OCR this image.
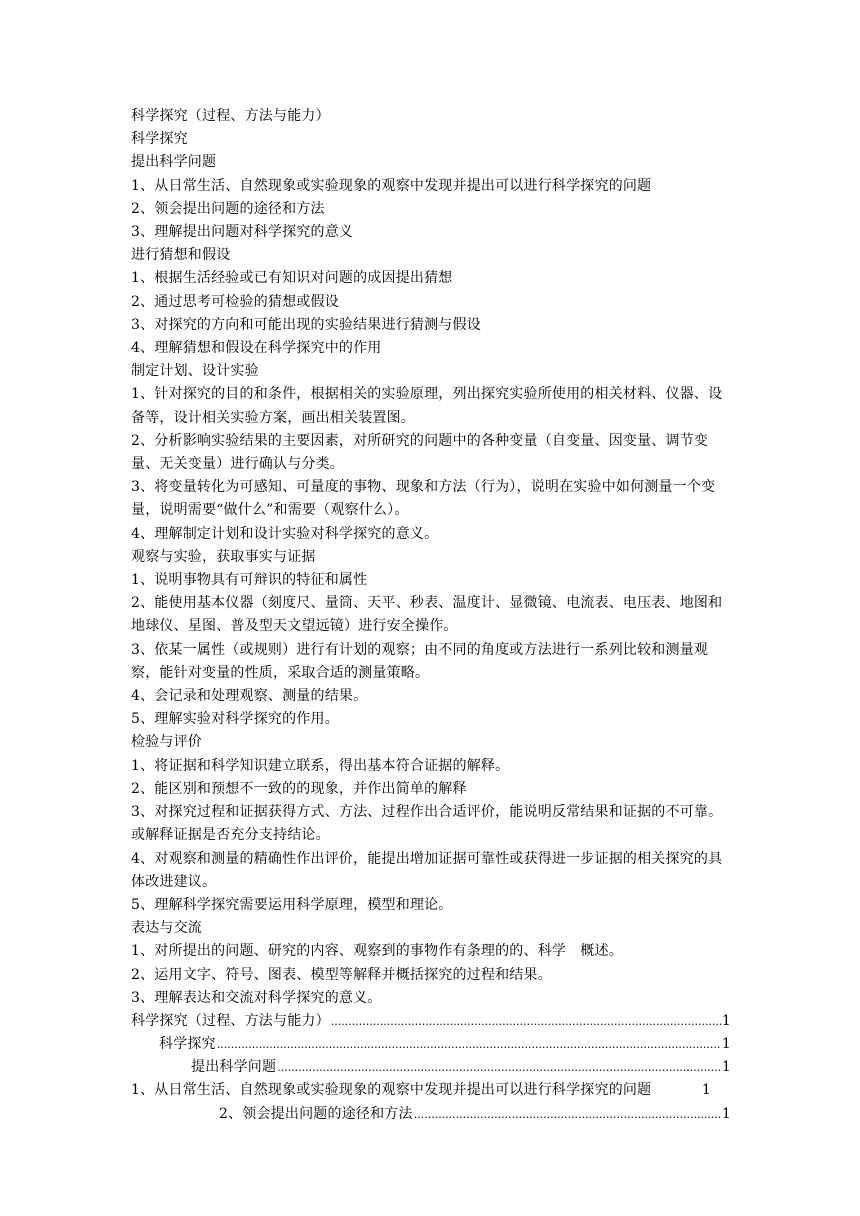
科学探究（过程、方法与能力）

科学探究

提出科学问题

1、从日常生活、自然现象或实验现象的观察中发现并提出可以进行科学探究的问题

2、领会提出问题的途径和方法

3、理解提出问题对科学探究的意义

进行猜想和假设

1、根据生活经验或已有知识对问题的成因提出猜想

2、通过思考可检验的猜想或假设

3、对探究的方向和可能出现的实验结果进行猜测与假设

4、理解猜想和假设在科学探究中的作用

制定计划、设计实验

1、针对探究的目的和条件，根据相关的实验原理，列出探究实验所使用的相关材料、仪器、设备等，设计相关实验方案，画出相关装置图。

2、分析影响实验结果的主要因素，对所研究的问题中的各种变量（自变量、因变量、调节变量、无关变量）进行确认与分类。

3、将变量转化为可感知、可量度的事物、现象和方法（行为），说明在实验中如何测量一个变量，说明需要“做什么”和需要（观察什么）。

4、理解制定计划和设计实验对科学探究的意义。

观察与实验，获取事实与证据

1、说明事物具有可辩识的特征和属性

2、能使用基本仪器（刻度尺、量筒、天平、秒表、温度计、显微镜、电流表、电压表、地图和地球仪、星图、普及型天文望远镜）进行安全操作。

3、依某一属性（或规则）进行有计划的观察；由不同的角度或方法进行一系列比较和测量观察，能针对变量的性质，采取合适的测量策略。

4、会记录和处理观察、测量的结果。

5、理解实验对科学探究的作用。

检验与评价

1、将证据和科学知识建立联系，得出基本符合证据的解释。

2、能区别和预想不一致的的现象，并作出简单的解释

3、对探究过程和证据获得方式、方法、过程作出合适评价，能说明反常结果和证据的不可靠。或解释证据是否充分支持结论。

4、对观察和测量的精确性作出评价，能提出增加证据可靠性或获得进一步证据的相关探究的具体改进建议。

5、理解科学探究需要运用科学原理，模型和理论。

表达与交流

1、对所提出的问题、研究的内容、观察到的事物作有条理的的、科学　概述。

2、运用文字、符号、图表、模型等解释并概括探究的过程和结果。

3、理解表达和交流对科学探究的意义。

科学探究（过程、方法与能力） .....	1
科学探究 .....	1
提出科学问题 .....	1
1、从日常生活、自然现象或实验现象的观察中发现并提出可以进行科学探究的问题	1
2、领会提出问题的途径和方法 .....	1
